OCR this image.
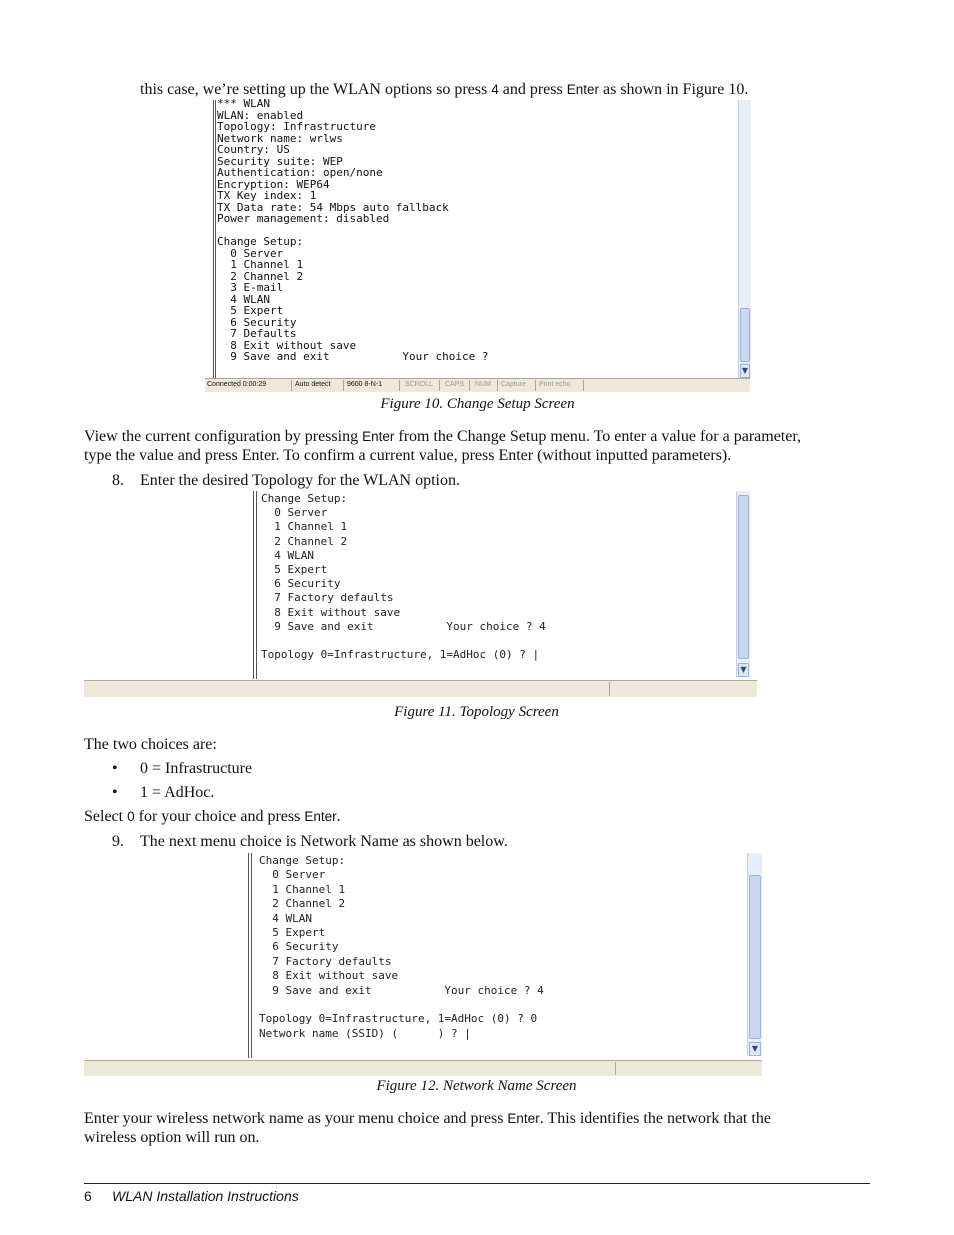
this case, we’re setting up the WLAN options so press 4 and press Enter as shown in Figure 10.
*** WLAN
WLAN: enabled
Topology: Infrastructure
Network name: wrlws
Country: US
Security suite: WEP
Authentication: open/none
Encryption: WEP64
TX Key index: 1
TX Data rate: 54 Mbps auto fallback
Power management: disabled

Change Setup:
0 Server
1 Channel 1
2 Channel 2
3 E-mail
4 WLAN
5 Expert
6 Security
7 Defaults
8 Exit without save
9 Save and exit           Your choice ?
▼
Connected 0:00:29	Auto detect 9600 8-N-1	SCROLL CAPS NUM Capture Print echo
Figure 10. Change Setup Screen
View the current configuration by pressing Enter from the Change Setup menu. To enter a value for a parameter,
type the value and press Enter. To confirm a current value, press Enter (without inputted parameters).
8. Enter the desired Topology for the WLAN option.
Change Setup:
0 Server
1 Channel 1
2 Channel 2
4 WLAN
5 Expert
6 Security
7 Factory defaults
8 Exit without save
9 Save and exit           Your choice ? 4

Topology 0=Infrastructure, 1=AdHoc (0) ? |
▼
Figure 11. Topology Screen
The two choices are:
• 0 = Infrastructure
• 1 = AdHoc.
Select 0 for your choice and press Enter.
9. The next menu choice is Network Name as shown below.
Change Setup:
0 Server
1 Channel 1
2 Channel 2
4 WLAN
5 Expert
6 Security
7 Factory defaults
8 Exit without save
9 Save and exit           Your choice ? 4

Topology 0=Infrastructure, 1=AdHoc (0) ? 0
Network name (SSID) (      ) ? |
▼
Figure 12. Network Name Screen
Enter your wireless network name as your menu choice and press Enter. This identifies the network that the
wireless option will run on.
6 WLAN Installation Instructions
